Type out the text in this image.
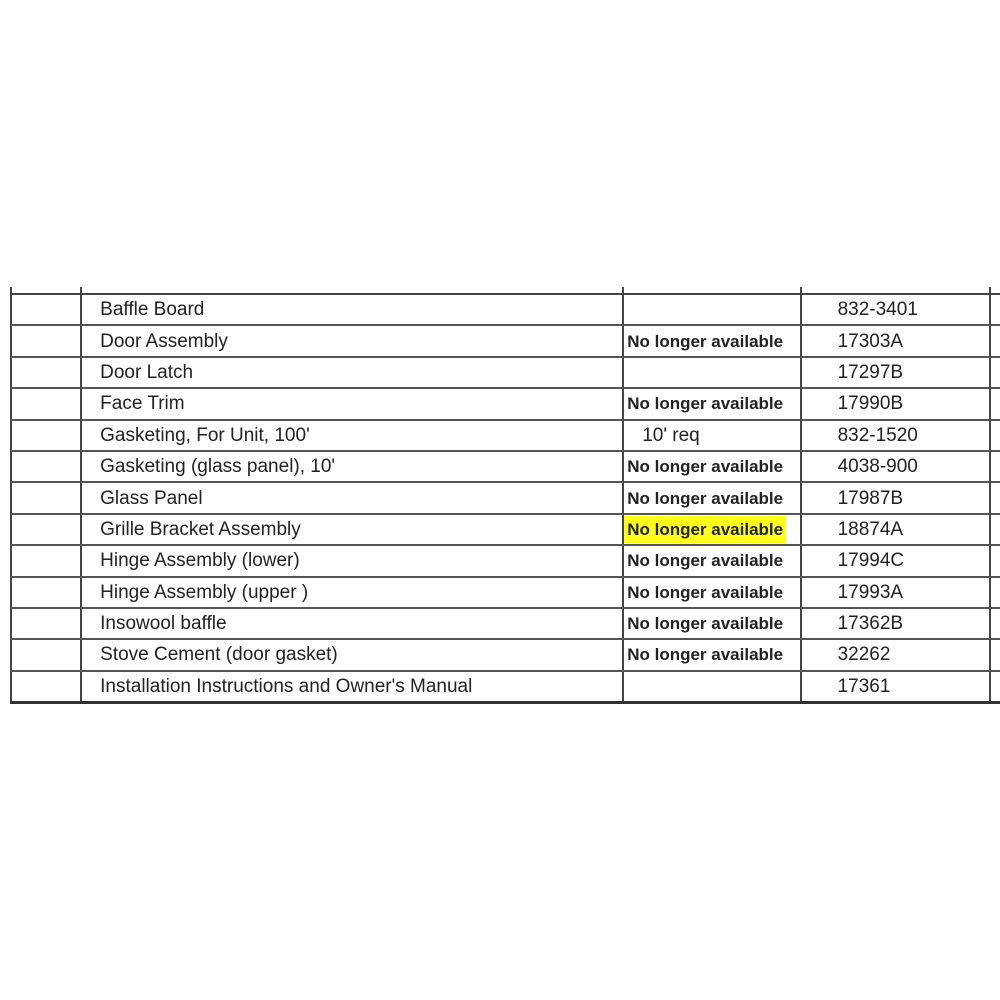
	Baffle Board		832-3401	
	Door Assembly	No longer available	17303A	
	Door Latch		17297B	
	Face Trim	No longer available	17990B	
	Gasketing, For Unit, 100'	10' req	832-1520	
	Gasketing (glass panel), 10'	No longer available	4038-900	
	Glass Panel	No longer available	17987B	
	Grille Bracket Assembly	No longer available	18874A	
	Hinge Assembly (lower)	No longer available	17994C	
	Hinge Assembly (upper )	No longer available	17993A	
	Insowool baffle	No longer available	17362B	
	Stove Cement (door gasket)	No longer available	32262	
	Installation Instructions and Owner's Manual		17361	
